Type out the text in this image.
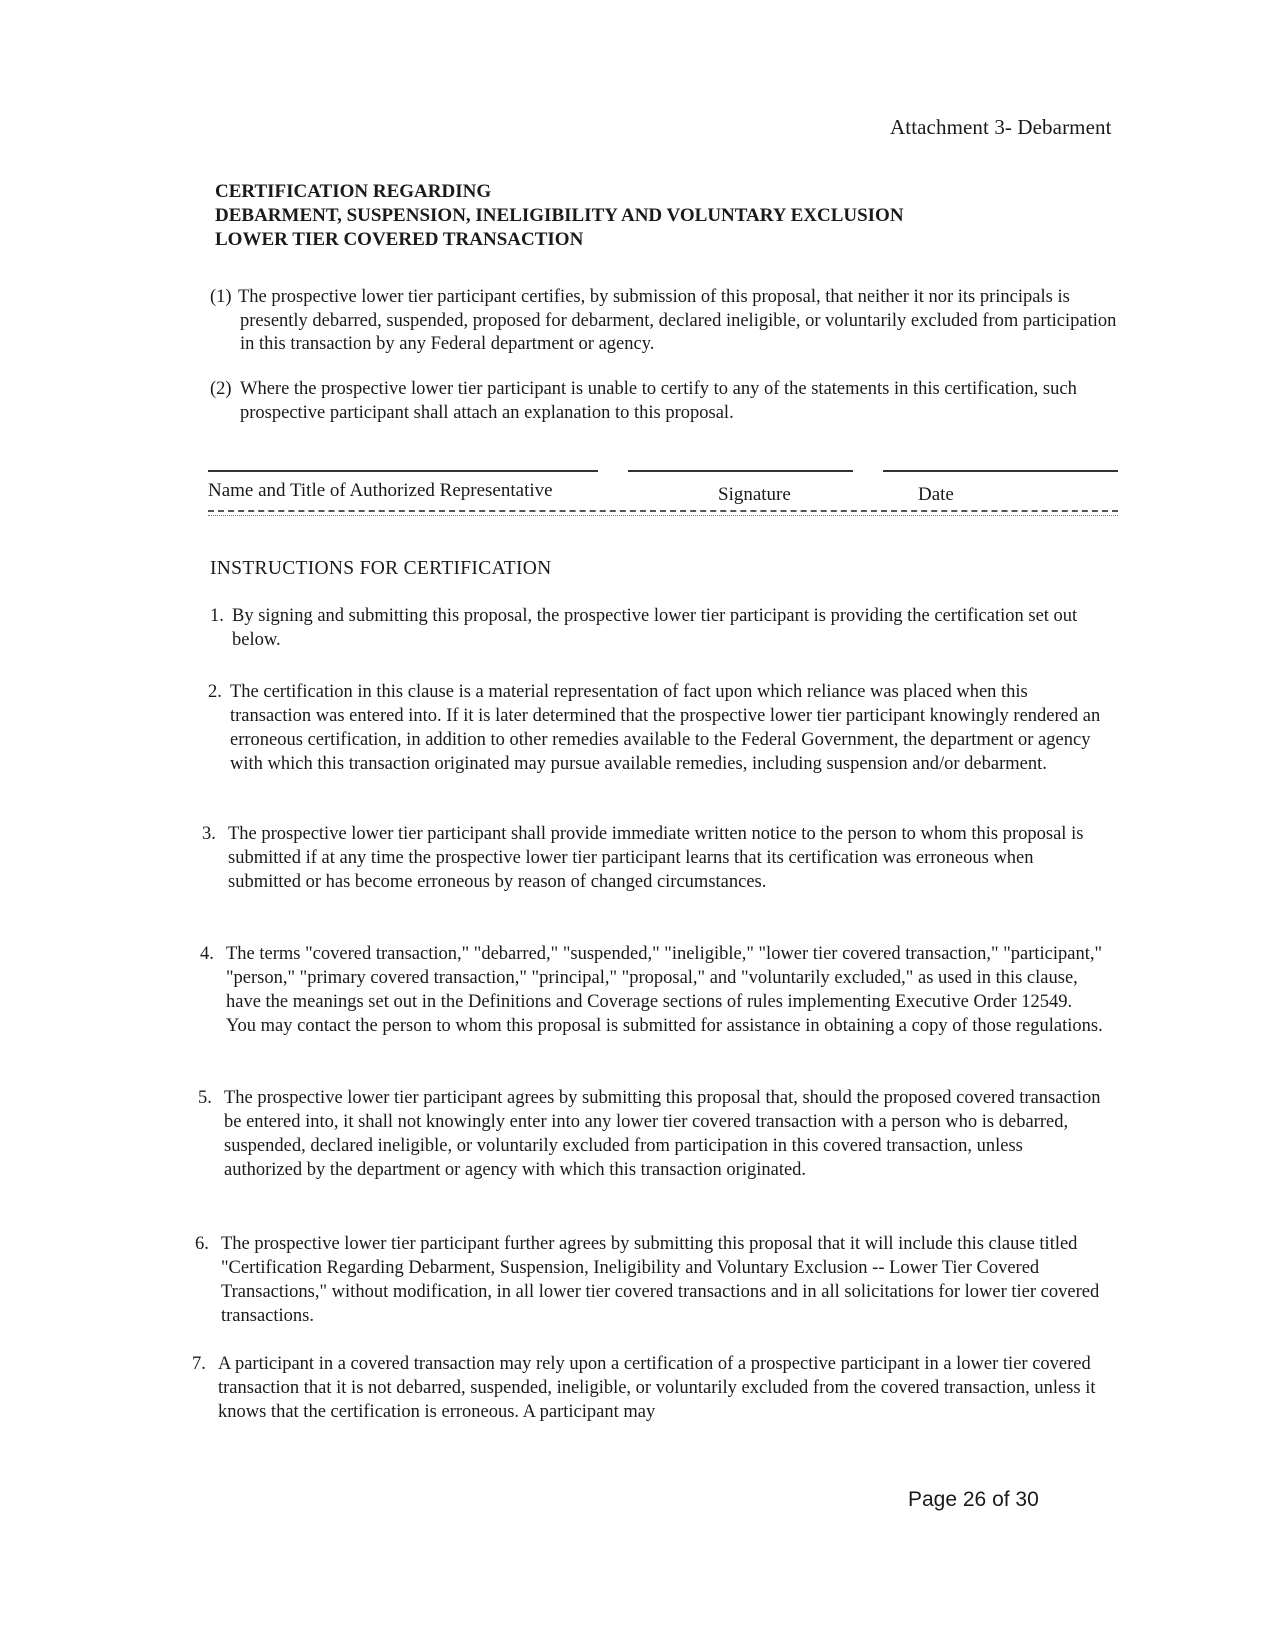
Attachment 3- Debarment
CERTIFICATION REGARDING
DEBARMENT, SUSPENSION, INELIGIBILITY AND VOLUNTARY EXCLUSION
LOWER TIER COVERED TRANSACTION
(1) The prospective lower tier participant certifies, by submission of this proposal, that neither it nor its principals is presently debarred, suspended, proposed for debarment, declared ineligible, or voluntarily excluded from participation in this transaction by any Federal department or agency.
(2) Where the prospective lower tier participant is unable to certify to any of the statements in this certification, such prospective participant shall attach an explanation to this proposal.
Name and Title of Authorized Representative	Signature	Date
INSTRUCTIONS FOR CERTIFICATION
1. By signing and submitting this proposal, the prospective lower tier participant is providing the certification set out below.
2. The certification in this clause is a material representation of fact upon which reliance was placed when this transaction was entered into. If it is later determined that the prospective lower tier participant knowingly rendered an erroneous certification, in addition to other remedies available to the Federal Government, the department or agency with which this transaction originated may pursue available remedies, including suspension and/or debarment.
3. The prospective lower tier participant shall provide immediate written notice to the person to whom this proposal is submitted if at any time the prospective lower tier participant learns that its certification was erroneous when submitted or has become erroneous by reason of changed circumstances.
4. The terms "covered transaction," "debarred," "suspended," "ineligible," "lower tier covered transaction," "participant," "person," "primary covered transaction," "principal," "proposal," and "voluntarily excluded," as used in this clause, have the meanings set out in the Definitions and Coverage sections of rules implementing Executive Order 12549. You may contact the person to whom this proposal is submitted for assistance in obtaining a copy of those regulations.
5. The prospective lower tier participant agrees by submitting this proposal that, should the proposed covered transaction be entered into, it shall not knowingly enter into any lower tier covered transaction with a person who is debarred, suspended, declared ineligible, or voluntarily excluded from participation in this covered transaction, unless authorized by the department or agency with which this transaction originated.
6. The prospective lower tier participant further agrees by submitting this proposal that it will include this clause titled "Certification Regarding Debarment, Suspension, Ineligibility and Voluntary Exclusion -- Lower Tier Covered Transactions," without modification, in all lower tier covered transactions and in all solicitations for lower tier covered transactions.
7. A participant in a covered transaction may rely upon a certification of a prospective participant in a lower tier covered transaction that it is not debarred, suspended, ineligible, or voluntarily excluded from the covered transaction, unless it knows that the certification is erroneous. A participant may
Page 26 of 30
